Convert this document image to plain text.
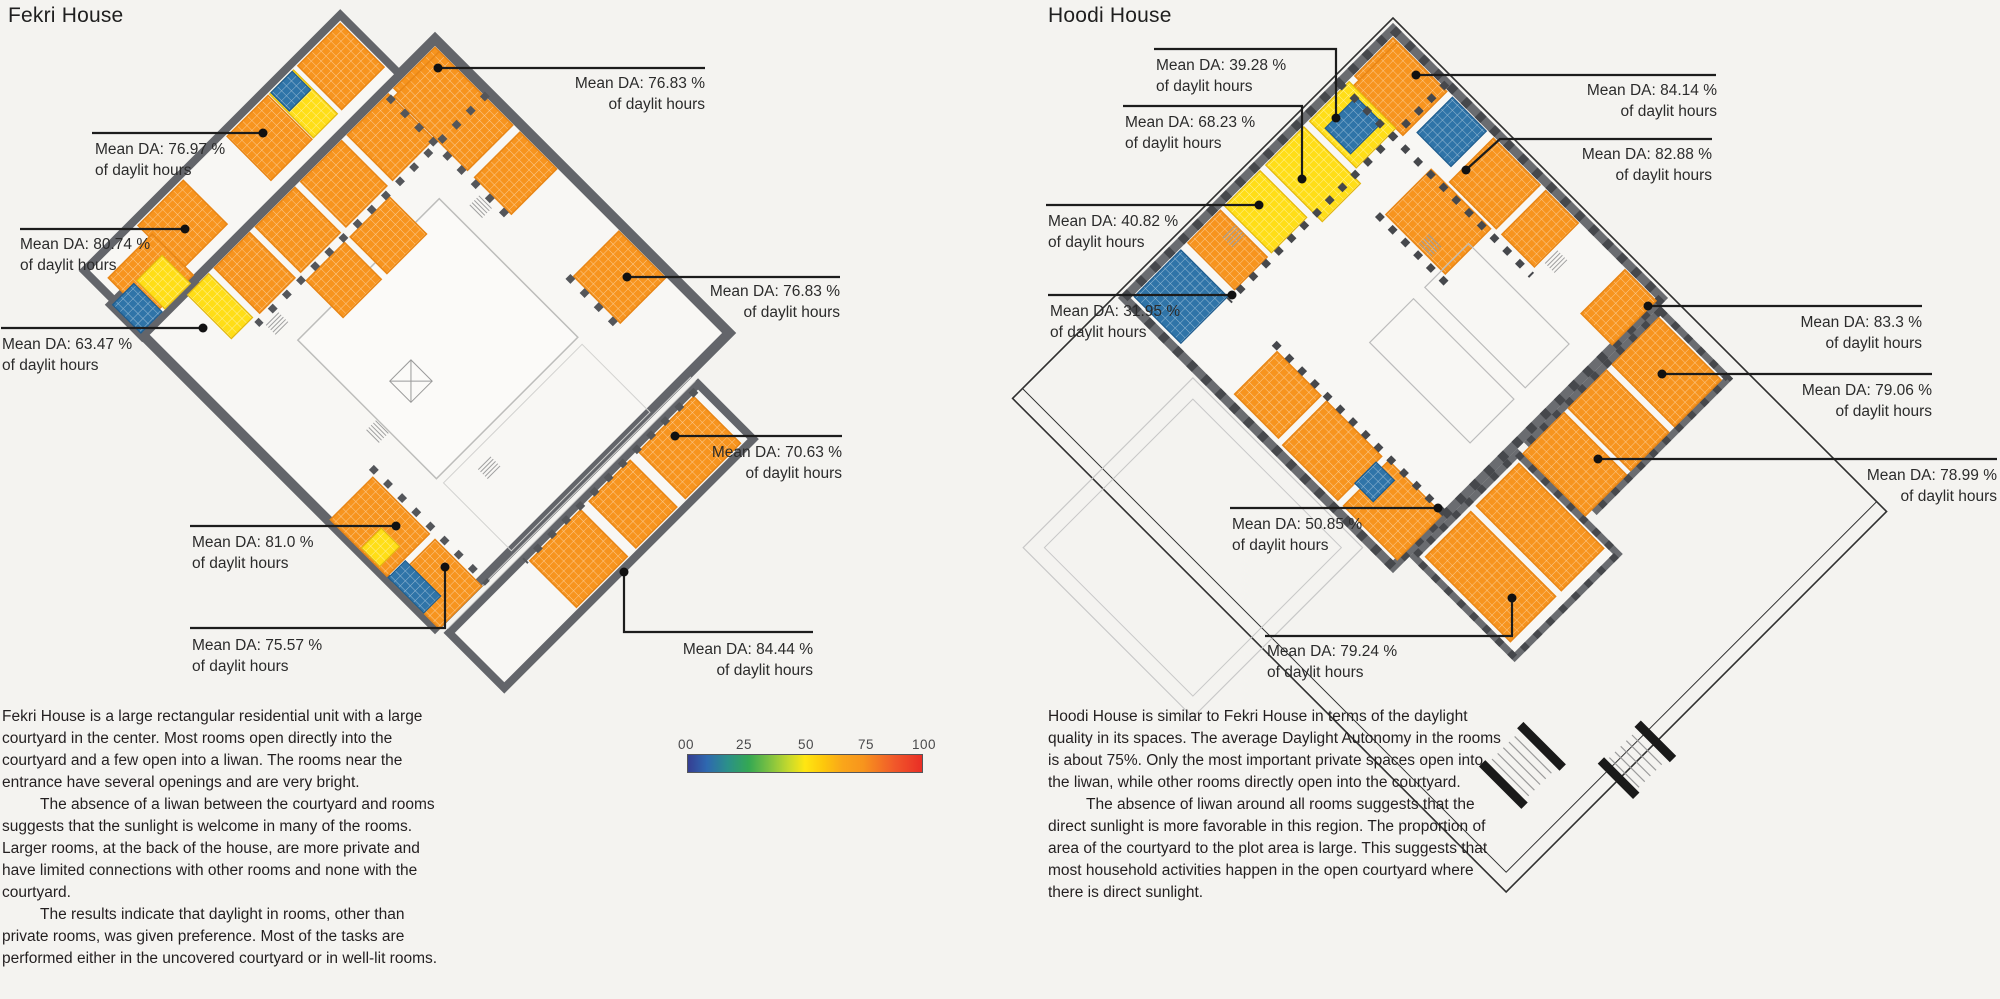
Fekri House	Hoodi House
Mean DA: 76.83 %
of daylit hours
Mean DA: 76.97 %
of daylit hours
Mean DA: 80.74 %
of daylit hours
Mean DA: 63.47 %
of daylit hours
Mean DA: 76.83 %
of daylit hours
Mean DA: 70.63 %
of daylit hours
Mean DA: 81.0 %
of daylit hours
Mean DA: 75.57 %
of daylit hours
Mean DA: 84.44 %
of daylit hours
Mean DA: 39.28 %
of daylit hours
Mean DA: 68.23 %
of daylit hours
Mean DA: 40.82 %
of daylit hours
Mean DA: 31.95 %
of daylit hours
Mean DA: 50.85 %
of daylit hours
Mean DA: 79.24 %
of daylit hours
Mean DA: 84.14 %
of daylit hours
Mean DA: 82.88 %
of daylit hours
Mean DA: 83.3 %
of daylit hours
Mean DA: 79.06 %
of daylit hours
Mean DA: 78.99 %
of daylit hours
00	25	50	75	100

Fekri House is a large rectangular residential unit with a large courtyard in the center. Most rooms open directly into the courtyard and a few open into a liwan. The rooms near the entrance have several openings and are very bright.

The absence of a liwan between the courtyard and rooms suggests that the sunlight is welcome in many of the rooms. Larger rooms, at the back of the house, are more private and have limited connections with other rooms and none with the courtyard.

The results indicate that daylight in rooms, other than private rooms, was given preference. Most of the tasks are performed either in the uncovered courtyard or in well-lit rooms.

Hoodi House is similar to Fekri House in terms of the daylight quality in its spaces. The average Daylight Autonomy in the rooms is about 75%. Only the most important private spaces open into the liwan, while other rooms directly open into the courtyard.

The absence of liwan around all rooms suggests that the direct sunlight is more favorable in this region. The proportion of area of the courtyard to the plot area is large. This suggests that most household activities happen in the open courtyard where there is direct sunlight.
